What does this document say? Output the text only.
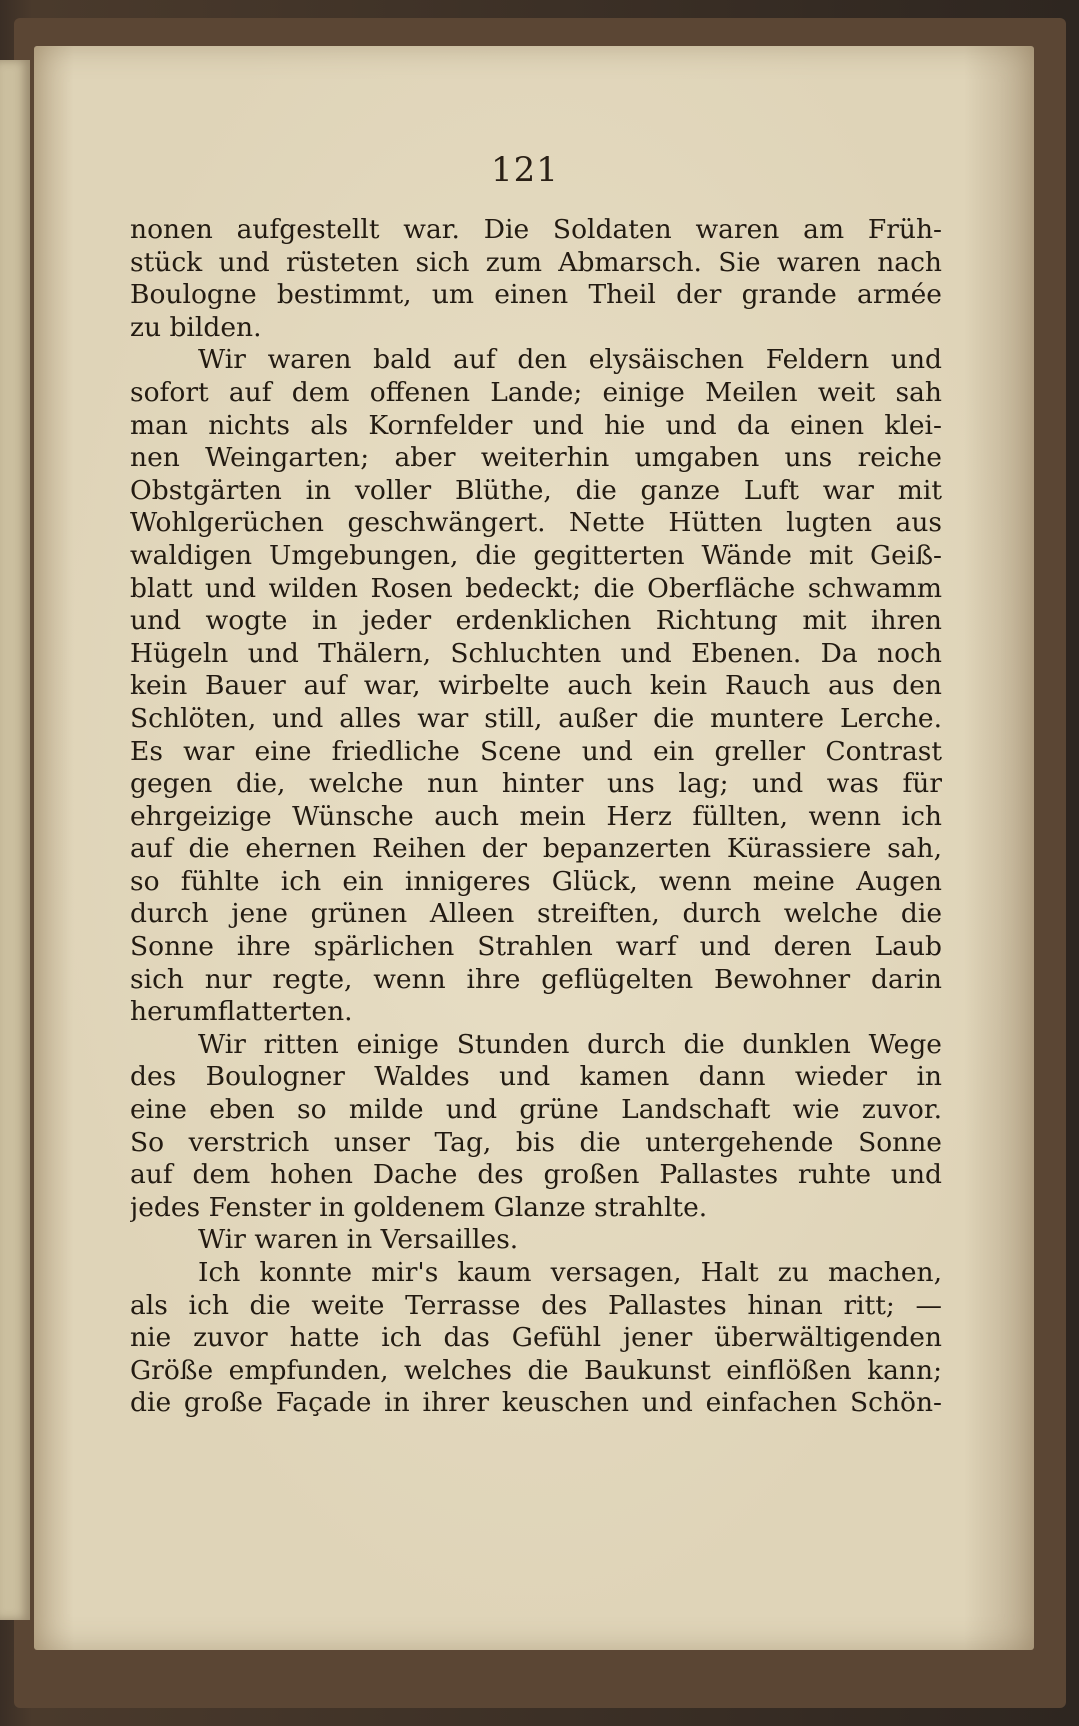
121
nonen aufgestellt war. Die Soldaten waren am Früh-
stück und rüsteten sich zum Abmarsch. Sie waren nach
Boulogne bestimmt, um einen Theil der grande armée
zu bilden.
Wir waren bald auf den elysäischen Feldern und
sofort auf dem offenen Lande; einige Meilen weit sah
man nichts als Kornfelder und hie und da einen klei-
nen Weingarten; aber weiterhin umgaben uns reiche
Obstgärten in voller Blüthe, die ganze Luft war mit
Wohlgerüchen geschwängert. Nette Hütten lugten aus
waldigen Umgebungen, die gegitterten Wände mit Geiß-
blatt und wilden Rosen bedeckt; die Oberfläche schwamm
und wogte in jeder erdenklichen Richtung mit ihren
Hügeln und Thälern, Schluchten und Ebenen. Da noch
kein Bauer auf war, wirbelte auch kein Rauch aus den
Schlöten, und alles war still, außer die muntere Lerche.
Es war eine friedliche Scene und ein greller Contrast
gegen die, welche nun hinter uns lag; und was für
ehrgeizige Wünsche auch mein Herz füllten, wenn ich
auf die ehernen Reihen der bepanzerten Kürassiere sah,
so fühlte ich ein innigeres Glück, wenn meine Augen
durch jene grünen Alleen streiften, durch welche die
Sonne ihre spärlichen Strahlen warf und deren Laub
sich nur regte, wenn ihre geflügelten Bewohner darin
herumflatterten.
Wir ritten einige Stunden durch die dunklen Wege
des Boulogner Waldes und kamen dann wieder in
eine eben so milde und grüne Landschaft wie zuvor.
So verstrich unser Tag, bis die untergehende Sonne
auf dem hohen Dache des großen Pallastes ruhte und
jedes Fenster in goldenem Glanze strahlte.
Wir waren in Versailles.
Ich konnte mir's kaum versagen, Halt zu machen,
als ich die weite Terrasse des Pallastes hinan ritt; —
nie zuvor hatte ich das Gefühl jener überwältigenden
Größe empfunden, welches die Baukunst einflößen kann;
die große Façade in ihrer keuschen und einfachen Schön-
